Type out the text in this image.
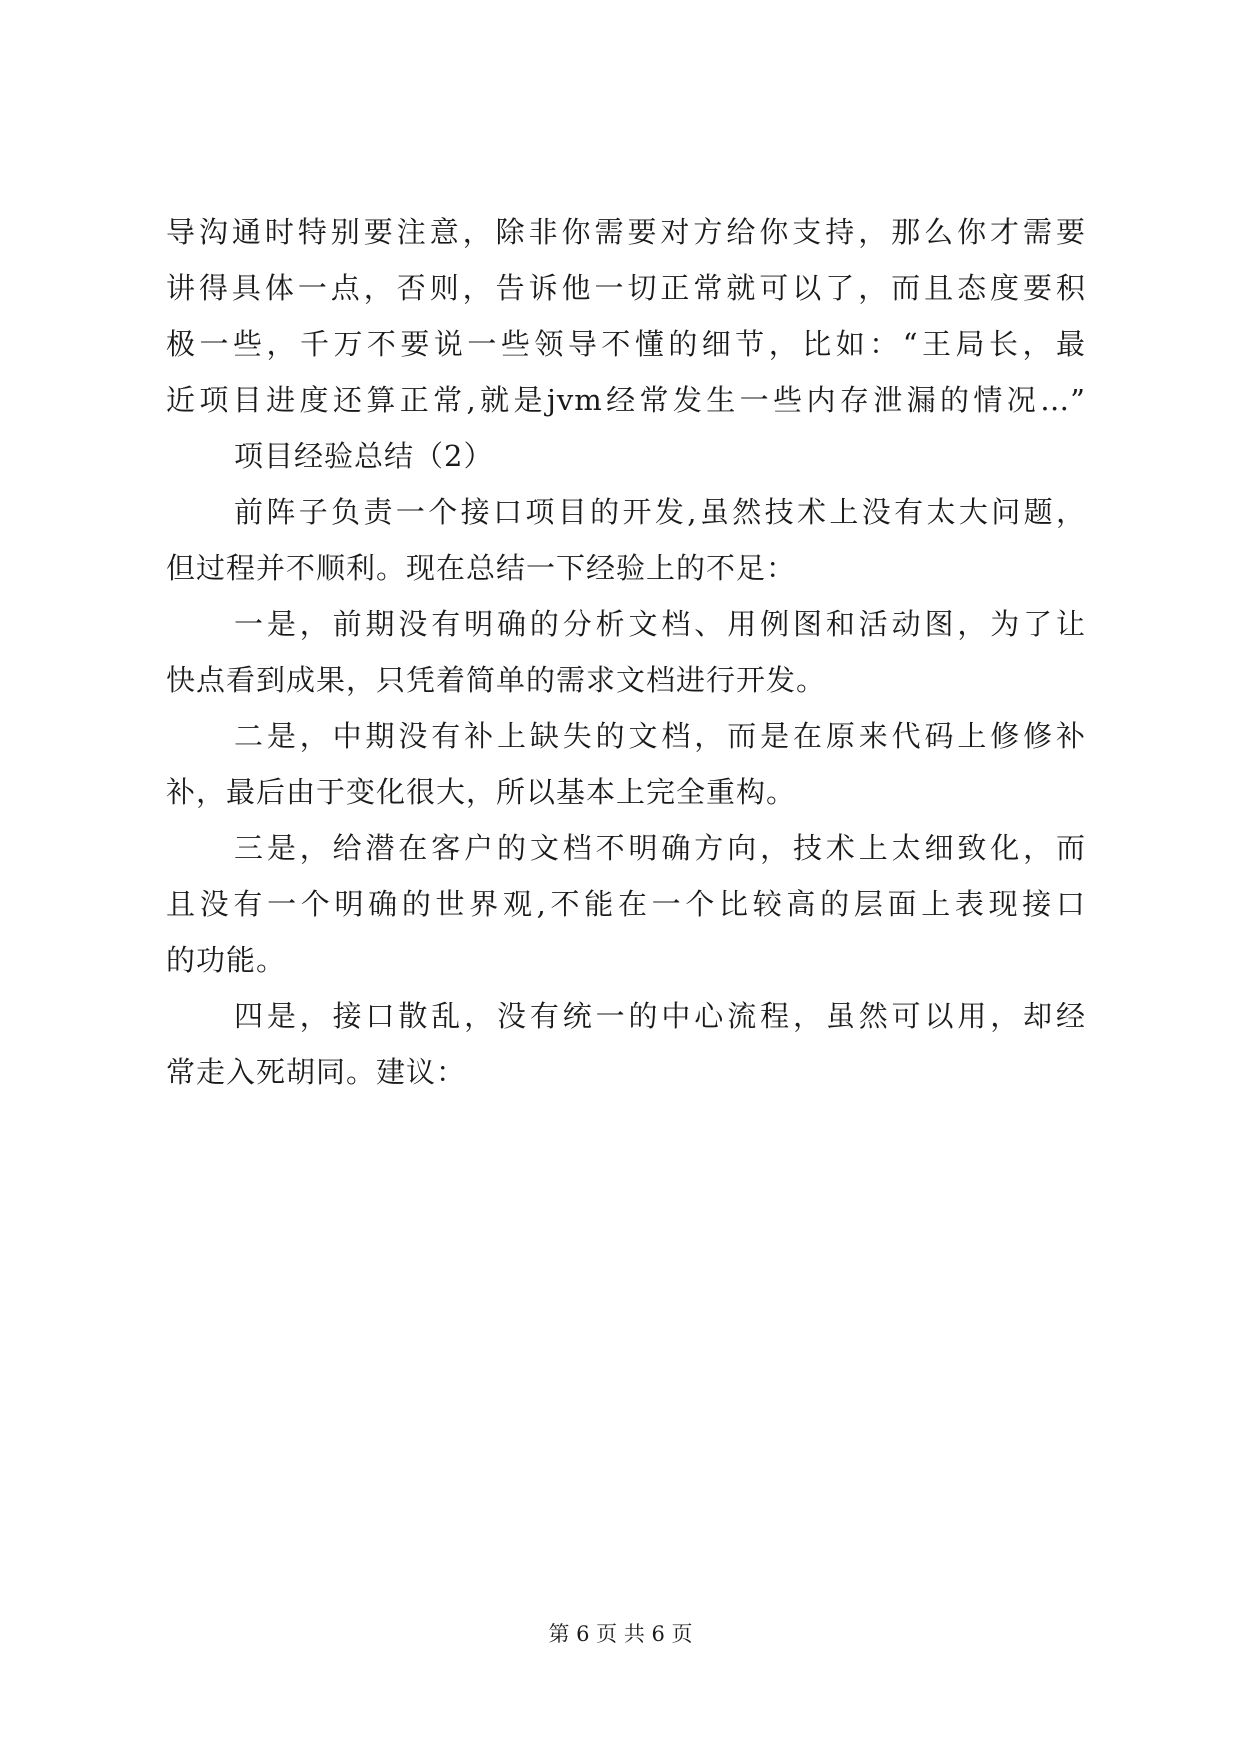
导沟通时特别要注意，除非你需要对方给你支持，那么你才需要
讲得具体一点，否则，告诉他一切正常就可以了，而且态度要积
极一些，千万不要说一些领导不懂的细节，比如：“王局长，最
近项目进度还算正常,就是jvm经常发生一些内存泄漏的情况…”
项目经验总结（2）
前阵子负责一个接口项目的开发,虽然技术上没有太大问题，
但过程并不顺利。现在总结一下经验上的不足：
一是，前期没有明确的分析文档、用例图和活动图，为了让
快点看到成果，只凭着简单的需求文档进行开发。
二是，中期没有补上缺失的文档，而是在原来代码上修修补
补，最后由于变化很大，所以基本上完全重构。
三是，给潜在客户的文档不明确方向，技术上太细致化，而
且没有一个明确的世界观,不能在一个比较高的层面上表现接口
的功能。
四是，接口散乱，没有统一的中心流程，虽然可以用，却经
常走入死胡同。建议：
第 6 页 共 6 页
